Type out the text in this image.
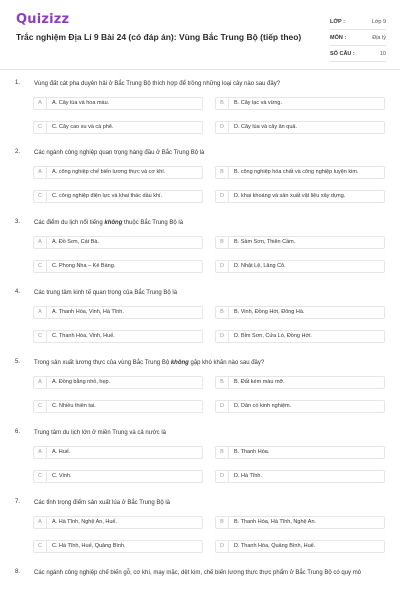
Quizizz
Trắc nghiệm Địa Lí 9 Bài 24 (có đáp án): Vùng Bắc Trung Bộ (tiếp theo)
LỚP :	Lớp 9
MÔN :	Địa lý
SỐ CÂU :	10
1. Vùng đất cát pha duyên hải ở Bắc Trung Bộ thích hợp để trồng những loại cây nào sau đây?
A	A. Cây lúa và hoa màu.	B	B. Cây lạc và vừng.
C	C. Cây cao su và cà phê.	D	D. Cây lúa và cây ăn quả.
2. Các ngành công nghiệp quan trọng hàng đầu ở Bắc Trung Bộ là
A	A. công nghiệp chế biến lương thực và cơ khí.	B	B. công nghiệp hóa chất và công nghiệp luyện kim.
C	C. công nghiệp điện lực và khai thác dầu khí.	D	D. khai khoáng và sản xuất vật liệu xây dựng.
3. Các điểm du lịch nổi tiếng không thuộc Bắc Trung Bộ là
A	A. Đồ Sơn, Cát Bà.	B	B. Sầm Sơn, Thiên Cầm.
C	C. Phong Nha – Kẻ Bàng.	D	D. Nhật Lệ, Lăng Cô.
4. Các trung tâm kinh tế quan trọng của Bắc Trung Bộ là
A	A. Thanh Hóa, Vinh, Hà Tĩnh.	B	B. Vinh, Đồng Hới, Đông Hà.
C	C. Thanh Hóa, Vinh, Huế.	D	D. Bỉm Sơn, Cửa Lò, Đồng Hới.
5. Trong sản xuất lương thực của vùng Bắc Trung Bộ không gặp khó khăn nào sau đây?
A	A. Đồng bằng nhỏ, hẹp.	B	B. Đất kém màu mỡ.
C	C. Nhiều thiên tai.	D	D. Dân có kinh nghiệm.
6. Trung tâm du lịch lớn ở miền Trung và cả nước là
A	A. Huế.	B	B. Thanh Hóa.
C	C. Vinh.	D	D. Hà Tĩnh.
7. Các tỉnh trọng điểm sản xuất lúa ở Bắc Trung Bộ là
A	A. Hà Tĩnh, Nghệ An, Huế.	B	B. Thanh Hóa, Hà Tĩnh, Nghệ An.
C	C. Hà Tĩnh, Huế, Quảng Bình.	D	D. Thanh Hóa, Quảng Bình, Huế.
8. Các ngành công nghiệp chế biến gỗ, cơ khí, may mặc, dệt kim, chế biến lương thực thực phẩm ở Bắc Trung Bộ có quy mô
